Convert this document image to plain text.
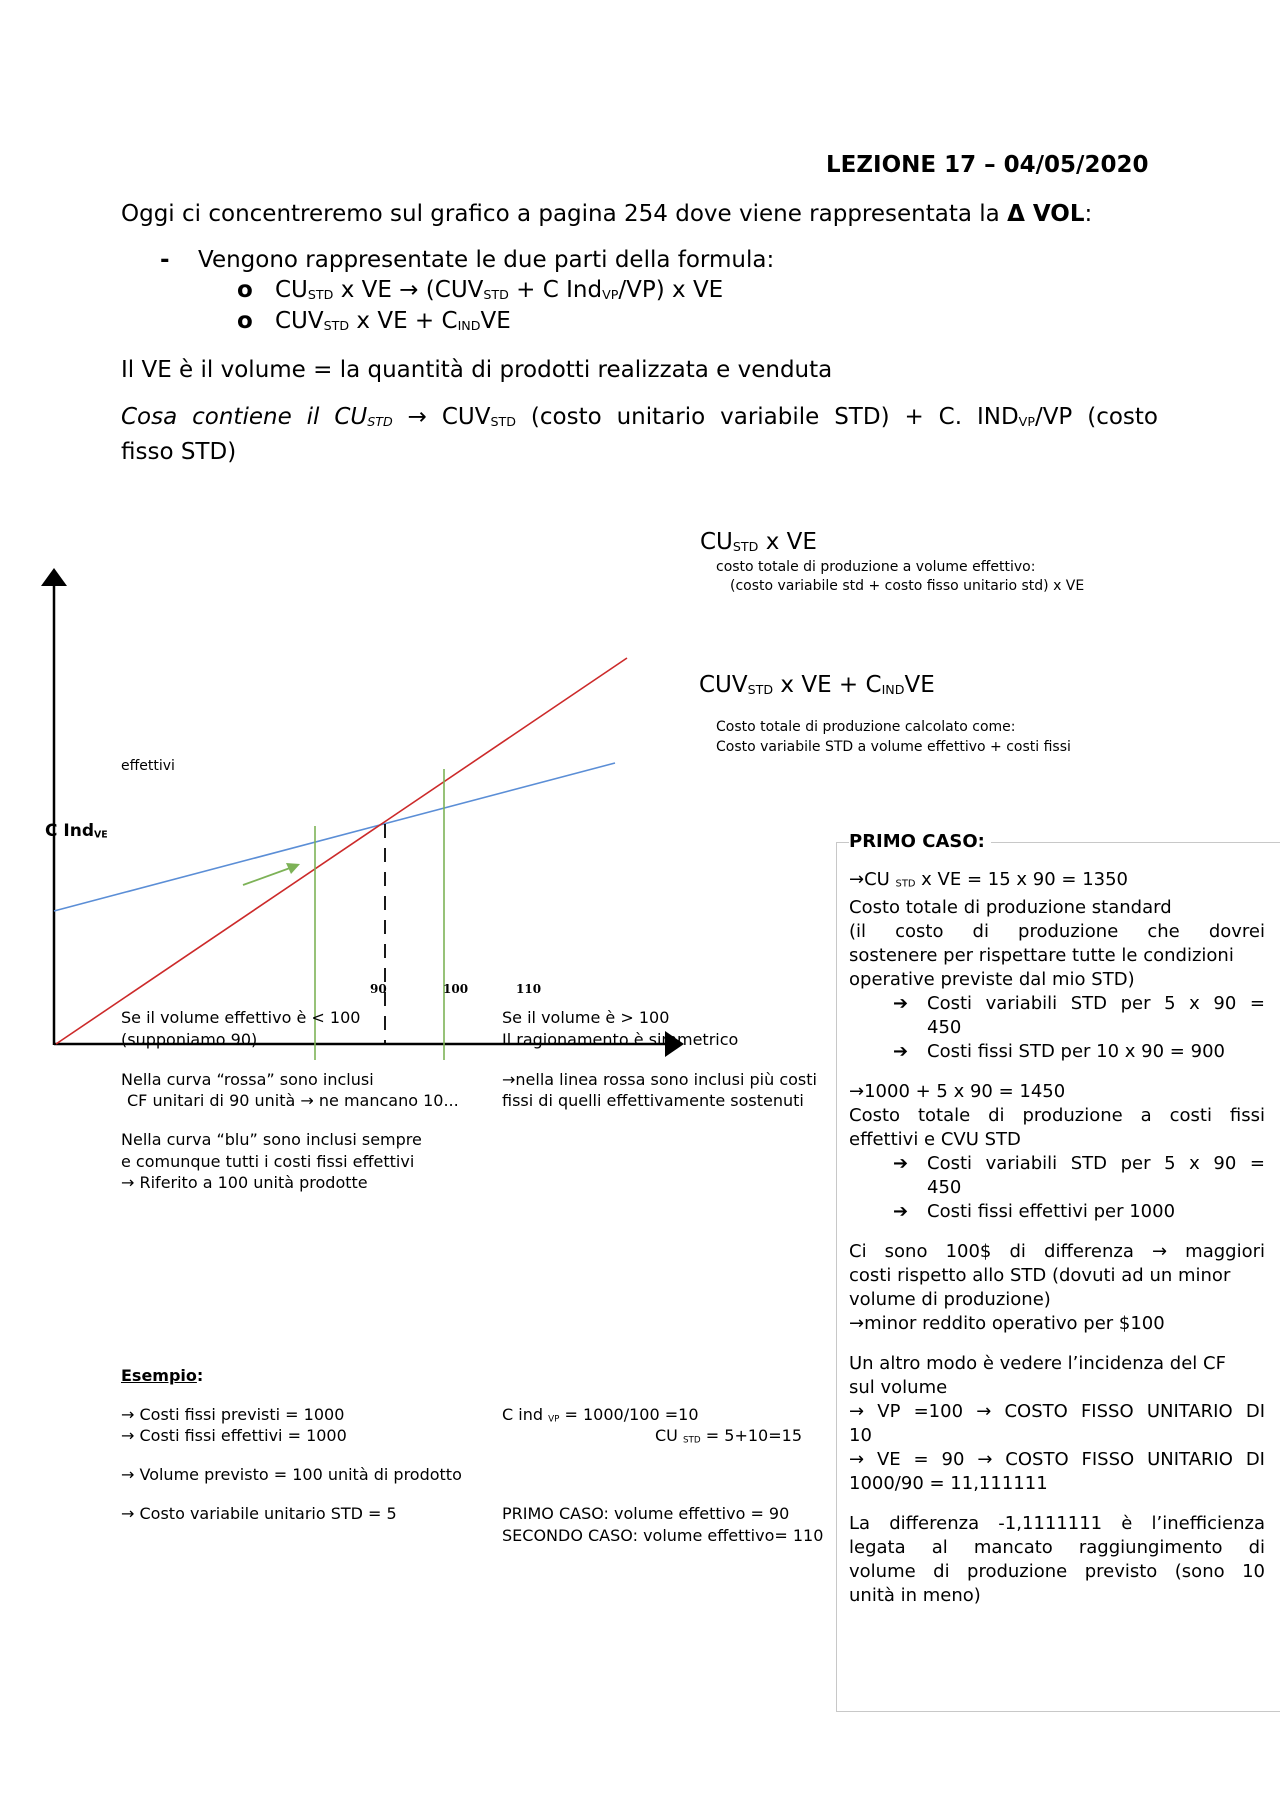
LEZIONE 17 – 04/05/2020
Oggi ci concentreremo sul grafico a pagina 254 dove viene rappresentata la Δ VOL:
- Vengono rappresentate le due parti della formula:
o $CU_{STD}$ x VE → ($CUV_{STD} + C$ Ind$_{VP}$/VP) x VE
o $CUV_{STD}$ x VE + $C_{IND}VE$
Il VE è il volume = la quantità di prodotti realizzata e venduta
Cosa contiene il $CU_{STD} \to CUV_{STD}$ (costo unitario variabile STD) + C. $IND_{VP}/VP$ (costo
fisso STD)
C Ind$_{VE}$
effettivi
90	100	110
$CU_{STD}$ x VE
costo totale di produzione a volume effettivo:
(costo variabile std + costo fisso unitario std) x VE
$CUV_{STD}$ x VE + $C_{IND}VE$
Costo totale di produzione calcolato come:
Costo variabile STD a volume effettivo + costi fissi
Se il volume effettivo è < 100
(supponiamo 90)
Nella curva “rossa” sono inclusi
CF unitari di 90 unità → ne mancano 10...
Nella curva “blu” sono inclusi sempre
e comunque tutti i costi fissi effettivi
→ Riferito a 100 unità prodotte
Se il volume è > 100
Il ragionamento è simmetrico
→nella linea rossa sono inclusi più costi
fissi di quelli effettivamente sostenuti
Esempio:
→ Costi fissi previsti = 1000
→ Costi fissi effettivi = 1000
→ Volume previsto = 100 unità di prodotto
→ Costo variabile unitario STD = 5
C ind $_{VP}$ = 1000/100 =10
CU $_{STD}$ = 5+10=15
PRIMO CASO: volume effettivo = 90
SECONDO CASO: volume effettivo= 110
PRIMO CASO:
→CU $_{STD}$ x VE = 15 x 90 = 1350
Costo totale di produzione standard
(il costo di produzione che dovrei
sostenere per rispettare tutte le condizioni
operative previste dal mio STD)
➔	Costi variabili STD per 5 x 90 =
450
➔	Costi fissi STD per 10 x 90 = 900
→1000 + 5 x 90 = 1450
Costo totale di produzione a costi fissi
effettivi e CVU STD
➔	Costi variabili STD per 5 x 90 =
450
➔	Costi fissi effettivi per 1000
Ci sono 100$ di differenza → maggiori
costi rispetto allo STD (dovuti ad un minor
volume di produzione)
→minor reddito operativo per $100
Un altro modo è vedere l’incidenza del CF
sul volume
→ VP =100 → COSTO FISSO UNITARIO DI
10
→ VE = 90 → COSTO FISSO UNITARIO DI
1000/90 = 11,111111
La differenza -1,1111111 è l’inefficienza
legata al mancato raggiungimento di
volume di produzione previsto (sono 10
unità in meno)
